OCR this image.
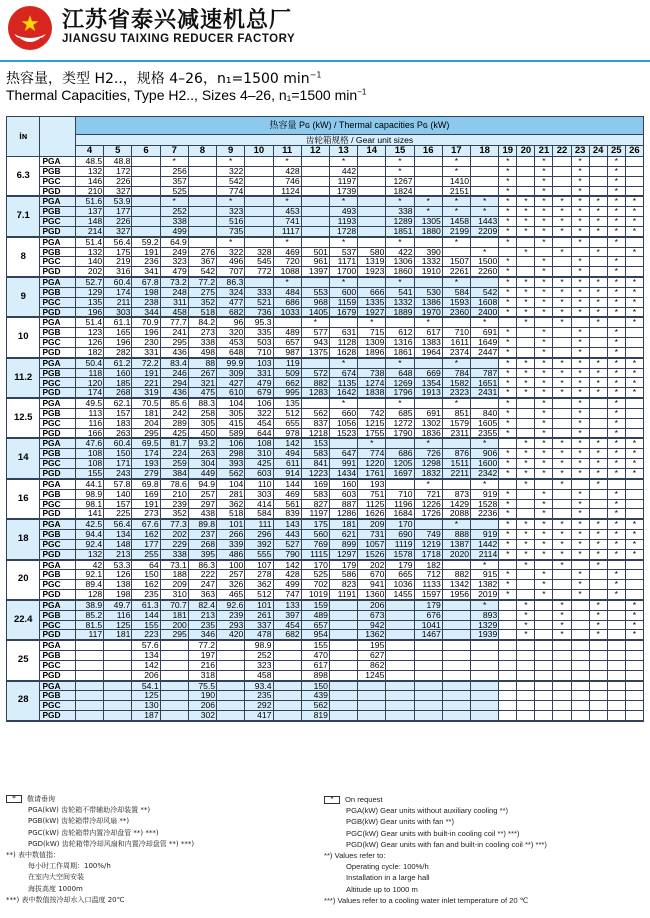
★ 江苏省泰兴减速机总厂
JIANGSU TAIXING REDUCER FACTORY
热容量，类型 H2..，规格 4–26，n₁=1500 $\min^{-1}$
Thermal Capacities, Type H2.., Sizes 4–26, n₁=1500 $\min^{-1}$
iɴ		热容量 Pɢ (kW) / Thermal capacities Pɢ (kW)																						
		齿轮箱规格 / Gear unit sizes																						
		4	5	6	7	8	9	10	11	12	13	14	15	16	17	18	19	20	21	22	23	24	25	26
6.3	PGA	48.5	48.8		*		*		*		*		*		*		*		*		*		*	
	PGB	132	172		256		322		428		442		*		*		*		*		*		*	
	PGC	146	226		357		542		746		1197		1267		1410		*		*		*		*	
	PGD	210	327		525		774		1124		1739		1824		2151		*		*		*		*	
7.1	PGA	51.6	53.9		*		*		*		*		*	*	*	*	*	*	*	*	*	*	*	*
	PGB	137	177		252		323		453		493		338	*	*	*	*	*	*	*	*	*	*	*
	PGC	148	226		338		516		741		1193		1289	1305	1458	1443	*	*	*	*	*	*	*	*
	PGD	214	327		499		735		1117		1728		1851	1880	2199	2209	*	*	*	*	*	*	*	*
8	PGA	51.4	56.4	59.2	64.9		*		*		*		*		*		*		*		*		*	
	PGB	132	175	191	249	276	322	328	469	501	537	580	422	390		*		*		*		*		*
	PGC	140	219	236	323	367	496	545	720	961	1171	1319	1306	1332	1507	1500	*		*		*		*	
	PGD	202	316	341	479	542	707	772	1088	1397	1700	1923	1860	1910	2261	2260	*		*		*		*	
9	PGA	52.7	60.4	67.8	73.2	77.2	86.3		*		*		*		*		*	*	*	*	*	*	*	*
	PGB	129	174	198	248	275	324	333	484	553	600	666	541	530	584	542	*	*	*	*	*	*	*	*
	PGC	135	211	238	311	352	477	521	686	968	1159	1335	1332	1386	1593	1608	*	*	*	*	*	*	*	*
	PGD	196	303	344	458	518	682	736	1033	1405	1679	1927	1889	1970	2360	2400	*	*	*	*	*	*	*	*
10	PGA	51.4	61.1	70.9	77.7	84.2	96	95.3		*		*		*		*		*		*		*		*
	PGB	123	165	196	241	273	320	335	489	577	631	715	612	617	710	691	*		*		*		*	
	PGC	126	196	230	295	338	453	503	657	943	1128	1309	1316	1383	1611	1649	*		*		*		*	
	PGD	182	282	331	436	498	648	710	987	1375	1628	1896	1861	1964	2374	2447	*		*		*		*	
11.2	PGA	50.4	61.2	72.2	83.4	88	99.9	103	119		*		*		*		*	*	*	*	*	*	*	*
	PGB	118	160	191	246	267	309	331	509	572	674	738	648	669	784	787	*	*	*	*	*	*	*	*
	PGC	120	185	221	294	321	427	479	662	882	1135	1274	1269	1354	1582	1651	*	*	*	*	*	*	*	*
	PGD	174	268	319	436	475	610	679	995	1283	1642	1838	1796	1913	2323	2431	*	*	*	*	*	*	*	*
12.5	PGA	49.5	62.1	70.5	85.6	88.3	104	106	135		*		*		*		*		*		*		*	
	PGB	113	157	181	242	258	305	322	512	562	660	742	685	691	851	840	*		*		*		*	
	PGC	116	183	204	289	305	415	454	655	837	1056	1215	1272	1302	1579	1605	*		*		*		*	
	PGD	166	263	295	425	450	589	644	978	1218	1523	1755	1790	1836	2311	2355	*		*		*		*	
14	PGA	47.6	60.4	69.5	81.7	93.2	106	108	142	153		*		*		*		*	*	*	*	*	*	*
	PGB	108	150	174	224	263	298	310	494	583	647	774	686	726	876	906	*	*	*	*	*	*	*	*
	PGC	108	171	193	259	304	393	425	611	841	991	1220	1205	1298	1511	1600	*	*	*	*	*	*	*	*
	PGD	155	243	279	384	449	562	603	914	1223	1434	1761	1697	1832	2211	2342	*	*	*	*	*	*	*	*
16	PGA	44.1	57.8	69.8	78.6	94.9	104	110	144	169	160	193		*		*		*		*		*		
	PGB	98.9	140	169	210	257	281	303	469	583	603	751	710	721	873	919	*		*		*		*	
	PGC	98.1	157	191	239	297	362	414	561	827	887	1125	1196	1226	1429	1528	*		*		*		*	
	PGD	141	225	273	352	438	518	584	839	1197	1286	1626	1684	1726	2088	2236	*		*		*		*	
18	PGA	42.5	56.4	67.6	77.3	89.8	101	111	143	175	181	209	170		*		*	*	*	*	*	*	*	*
	PGB	94.4	134	162	202	237	266	296	443	560	621	731	690	749	888	919	*	*	*	*	*	*	*	*
	PGC	92.4	148	177	229	268	339	392	527	769	899	1057	1119	1219	1387	1442	*	*	*	*	*	*	*	*
	PGD	132	213	255	338	395	486	555	790	1115	1297	1526	1578	1718	2020	2114	*	*	*	*	*	*	*	*
20	PGA	42	53.3	64	73.1	86.3	100	107	142	170	179	202	179	182		*		*		*		*		
	PGB	92.1	126	150	188	222	257	278	428	525	586	670	665	712	882	915	*		*		*		*	
	PGC	89.4	138	162	209	247	326	362	499	702	823	941	1036	1133	1342	1382	*		*		*		*	
	PGD	128	198	235	310	363	465	512	747	1019	1191	1360	1455	1597	1956	2019	*		*		*		*	
22.4	PGA	38.9	49.7	61.3	70.7	82.4	92.6	101	133	159		206		179		*		*		*		*		*
	PGB	85.2	116	144	181	213	239	261	397	489		673		676		893		*		*		*		*
	PGC	81.5	125	155	200	235	293	337	454	657		942		1041		1329		*		*		*		*
	PGD	117	181	223	295	346	420	478	682	954		1362		1467		1939		*		*		*		*
25	PGA			57.6		77.2		98.9		155		195												
	PGB			134		197		252		470		627												
	PGC			142		216		323		617		862												
	PGD			206		318		458		898		1245												
28	PGA			54.1		75.5		93.4		150														
	PGB			125		190		235		439														
	PGC			130		206		292		562														
	PGD			187		302		417		819														
* 敬请垂询
PGA(kW) 齿轮箱不带辅助冷却装置 **)
PGB(kW) 齿轮箱带冷却风扇 **)
PGC(kW) 齿轮箱带内置冷却盘管 **) ***)
PGD(kW) 齿轮箱带冷却风扇和内置冷却盘管 **) ***)
**) 表中数值指：
每小时工作周期：100%/h
在室内大空间安装
海拔高度 1000m
***) 表中数值按冷却水入口温度 20℃
* On request
PGA(kW) Gear units without auxiliary cooling **)
PGB(kW) Gear units with fan **)
PGC(kW) Gear units with built-in cooling coil **) ***)
PGD(kW) Gear units with fan and built-in cooling coil **) ***)
**) Values refer to:
Operating cycle: 100%/h
Installation in a large hall
Altitude up to 1000 m
***) Values refer to a cooling water inlet temperature of 20 ℃
